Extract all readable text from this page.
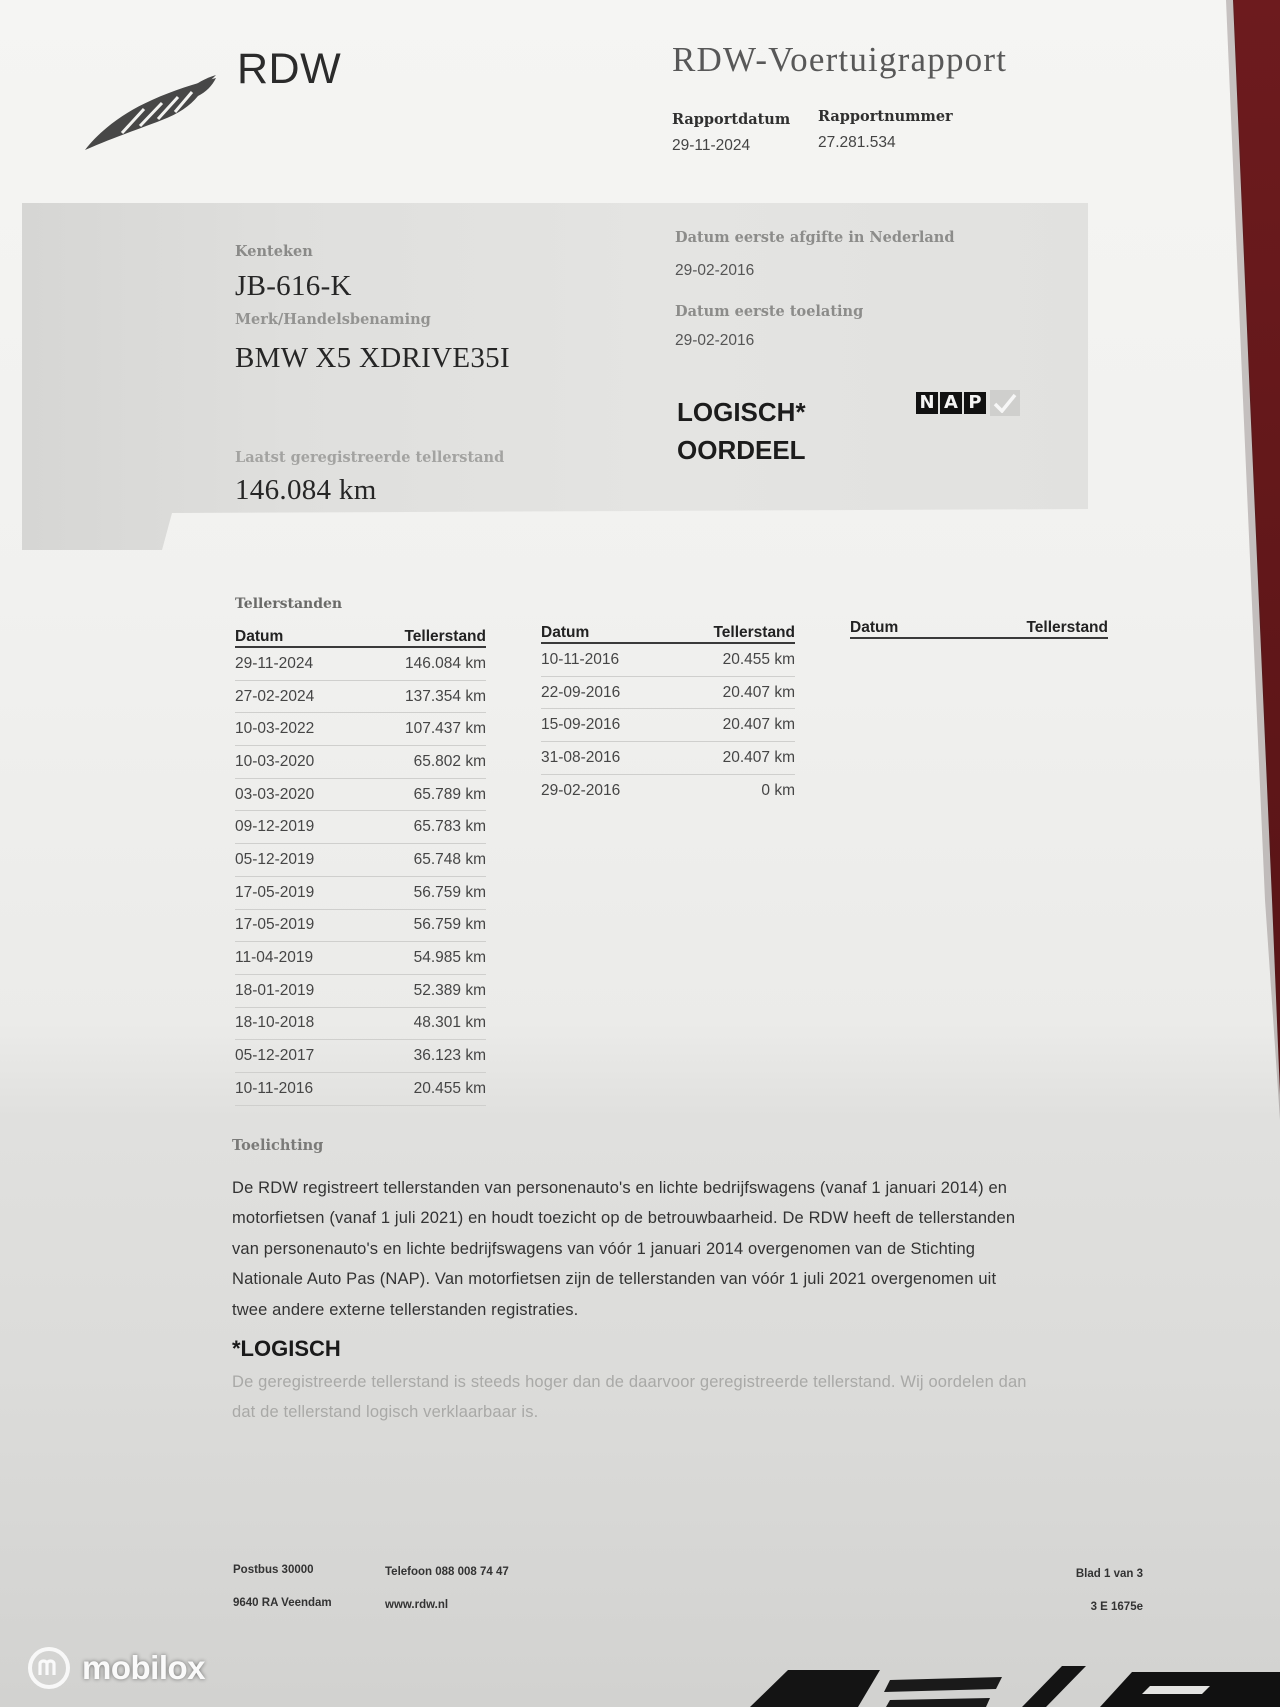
RDW	RDW-Voertuigrapport
Rapportdatum
29-11-2024
Rapportnummer
27.281.534
Kenteken
JB-616-K
Merk/Handelsbenaming
BMW X5 XDRIVE35I
Laatst geregistreerde tellerstand
146.084 km
Datum eerste afgifte in Nederland
29-02-2016
Datum eerste toelating
29-02-2016
LOGISCH*
OORDEEL
N A P
Tellerstanden
Datum	Tellerstand
29-11-2024	146.084 km
27-02-2024	137.354 km
10-03-2022	107.437 km
10-03-2020	65.802 km
03-03-2020	65.789 km
09-12-2019	65.783 km
05-12-2019	65.748 km
17-05-2019	56.759 km
17-05-2019	56.759 km
11-04-2019	54.985 km
18-01-2019	52.389 km
18-10-2018	48.301 km
05-12-2017	36.123 km
10-11-2016	20.455 km
Datum	Tellerstand
10-11-2016	20.455 km
22-09-2016	20.407 km
15-09-2016	20.407 km
31-08-2016	20.407 km
29-02-2016	0 km
Datum	Tellerstand
Toelichting
De RDW registreert tellerstanden van personenauto's en lichte bedrijfswagens (vanaf 1 januari 2014) en
motorfietsen (vanaf 1 juli 2021) en houdt toezicht op de betrouwbaarheid. De RDW heeft de tellerstanden
van personenauto's en lichte bedrijfswagens van vóór 1 januari 2014 overgenomen van de Stichting
Nationale Auto Pas (NAP). Van motorfietsen zijn de tellerstanden van vóór 1 juli 2021 overgenomen uit
twee andere externe tellerstanden registraties.
*LOGISCH
De geregistreerde tellerstand is steeds hoger dan de daarvoor geregistreerde tellerstand. Wij oordelen dan
dat de tellerstand logisch verklaarbaar is.
Postbus 30000
9640 RA Veendam
Telefoon 088 008 74 47
www.rdw.nl
Blad 1 van 3
3 E 1675e
mobilox
